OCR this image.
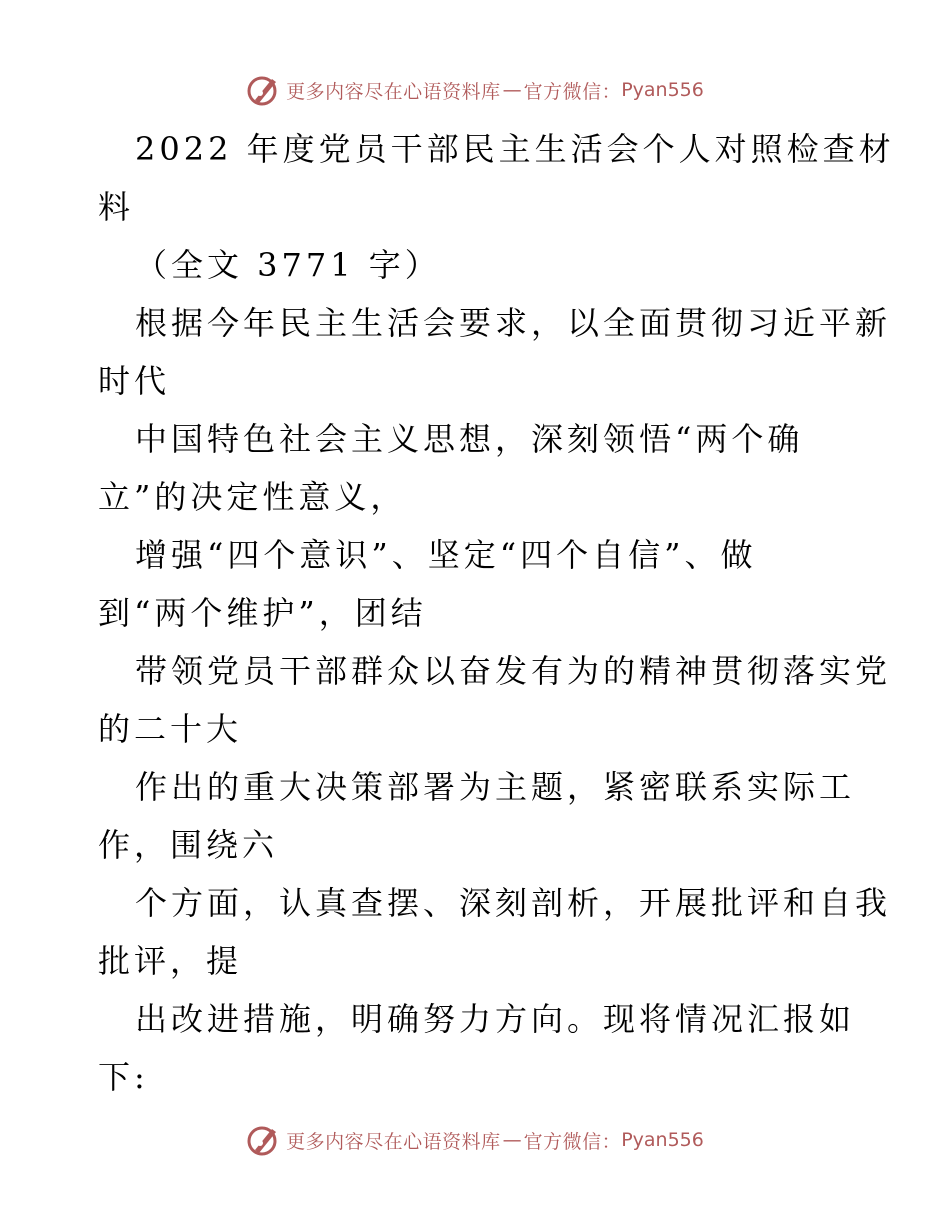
更多内容尽在心语资料库 — 官方微信： Pyan556
2022 年度党员干部民主生活会个人对照检查材
料
（全文 3771 字）
根据今年民主生活会要求，以全面贯彻习近平新
时代
中国特色社会主义思想，深刻领悟“两个确
立”的决定性意义，
增强“四个意识”、坚定“四个自信”、做
到“两个维护”，团结
带领党员干部群众以奋发有为的精神贯彻落实党
的二十大
作出的重大决策部署为主题，紧密联系实际工
作，围绕六
个方面，认真查摆、深刻剖析，开展批评和自我
批评，提
出改进措施，明确努力方向。现将情况汇报如
下:
更多内容尽在心语资料库 — 官方微信： Pyan556
